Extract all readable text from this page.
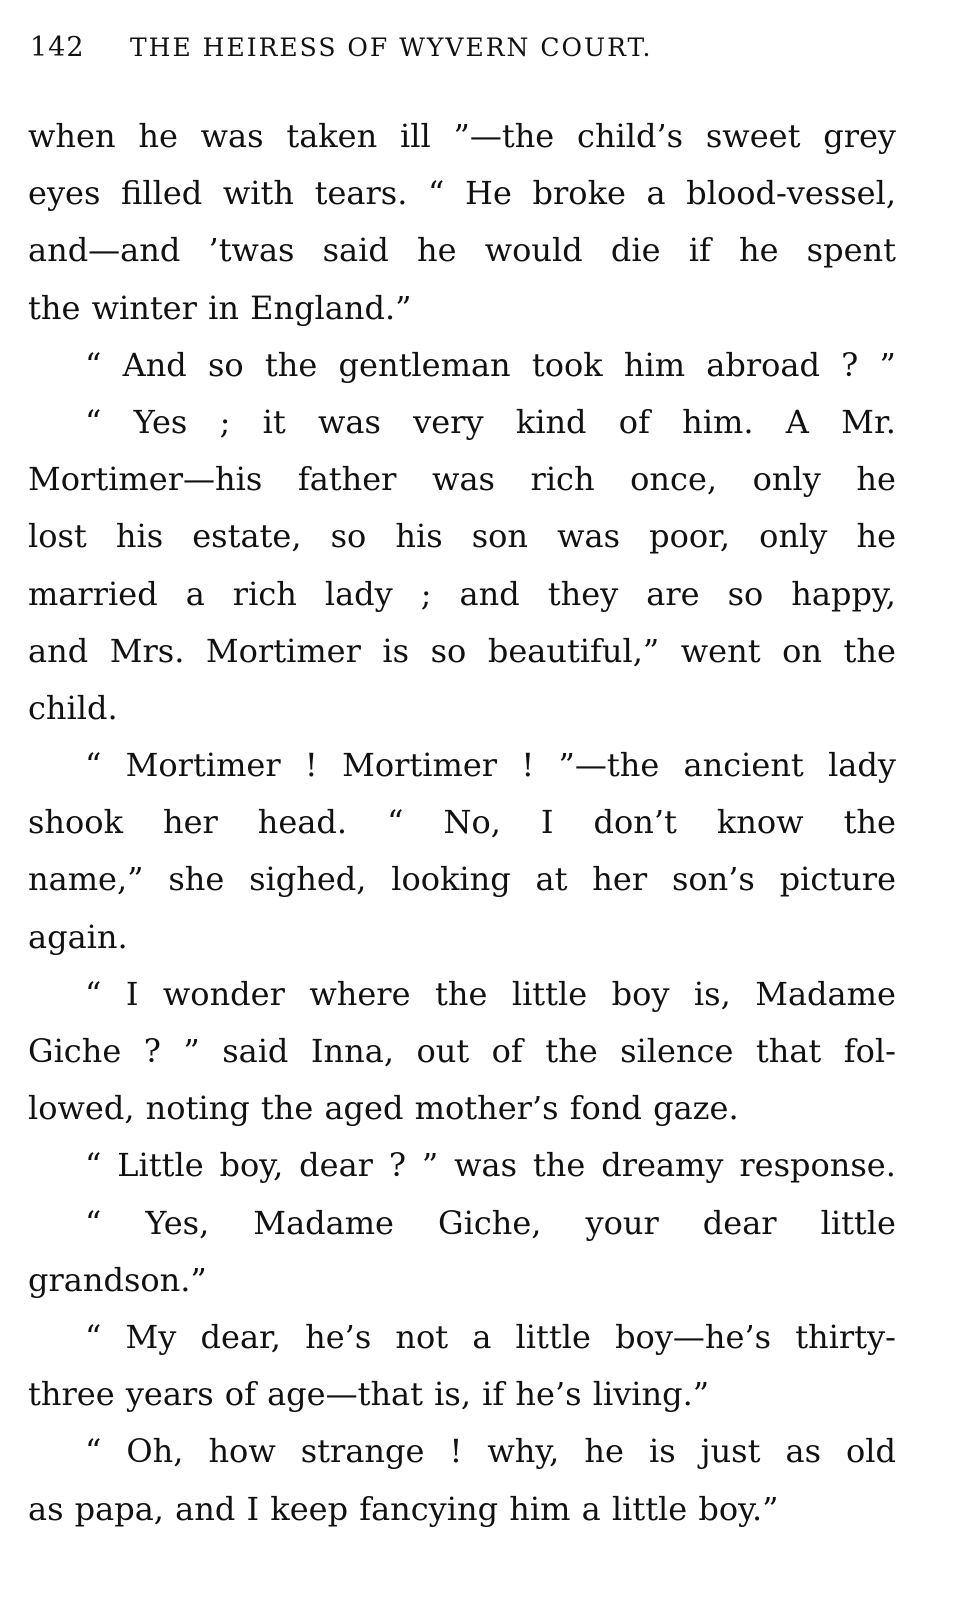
142	THE HEIRESS OF WYVERN COURT.
when he was taken ill ”—the child’s sweet grey
eyes filled with tears. “ He broke a blood-vessel,
and—and ’twas said he would die if he spent
the winter in England.”
“ And so the gentleman took him abroad ? ”
“ Yes ; it was very kind of him. A Mr.
Mortimer—his father was rich once, only he
lost his estate, so his son was poor, only he
married a rich lady ; and they are so happy,
and Mrs. Mortimer is so beautiful,” went on the
child.
“ Mortimer ! Mortimer ! ”—the ancient lady
shook her head. “ No, I don’t know the
name,” she sighed, looking at her son’s picture
again.
“ I wonder where the little boy is, Madame
Giche ? ” said Inna, out of the silence that fol-
lowed, noting the aged mother’s fond gaze.
“ Little boy, dear ? ” was the dreamy response.
“ Yes, Madame Giche, your dear little
grandson.”
“ My dear, he’s not a little boy—he’s thirty-
three years of age—that is, if he’s living.”
“ Oh, how strange ! why, he is just as old
as papa, and I keep fancying him a little boy.”
